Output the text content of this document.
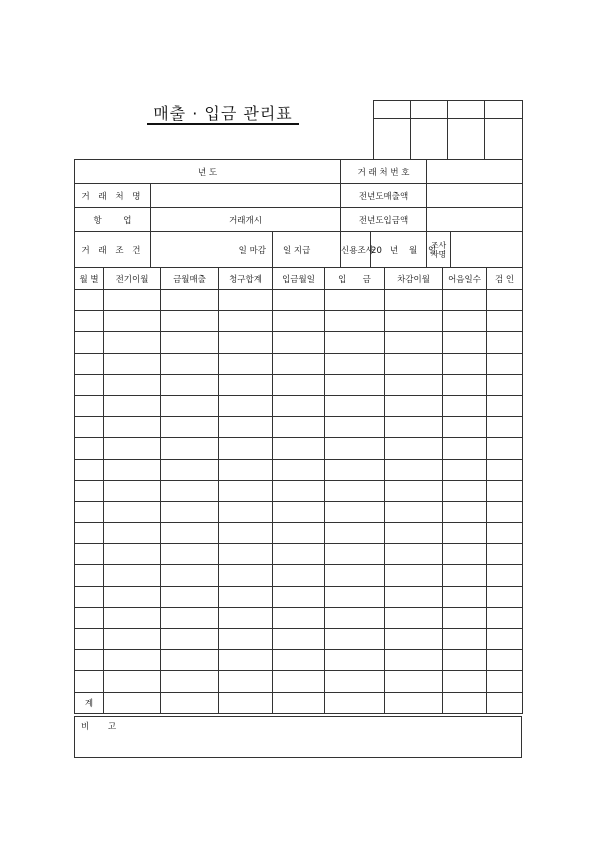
매출 · 입금 관리표

년 도			거 래 처 번 호			
거 래 처 명			전년도매출액			
항        업	거래개시		전년도입금액			
거 래 조 건	일 마감	일 지급	신용조사	20   년    월    일	조사
자명	
월 별	전기이월	금월매출	청구합계	입금월일	입      금	차감이월	어음일수	검 인

계								
비 고
